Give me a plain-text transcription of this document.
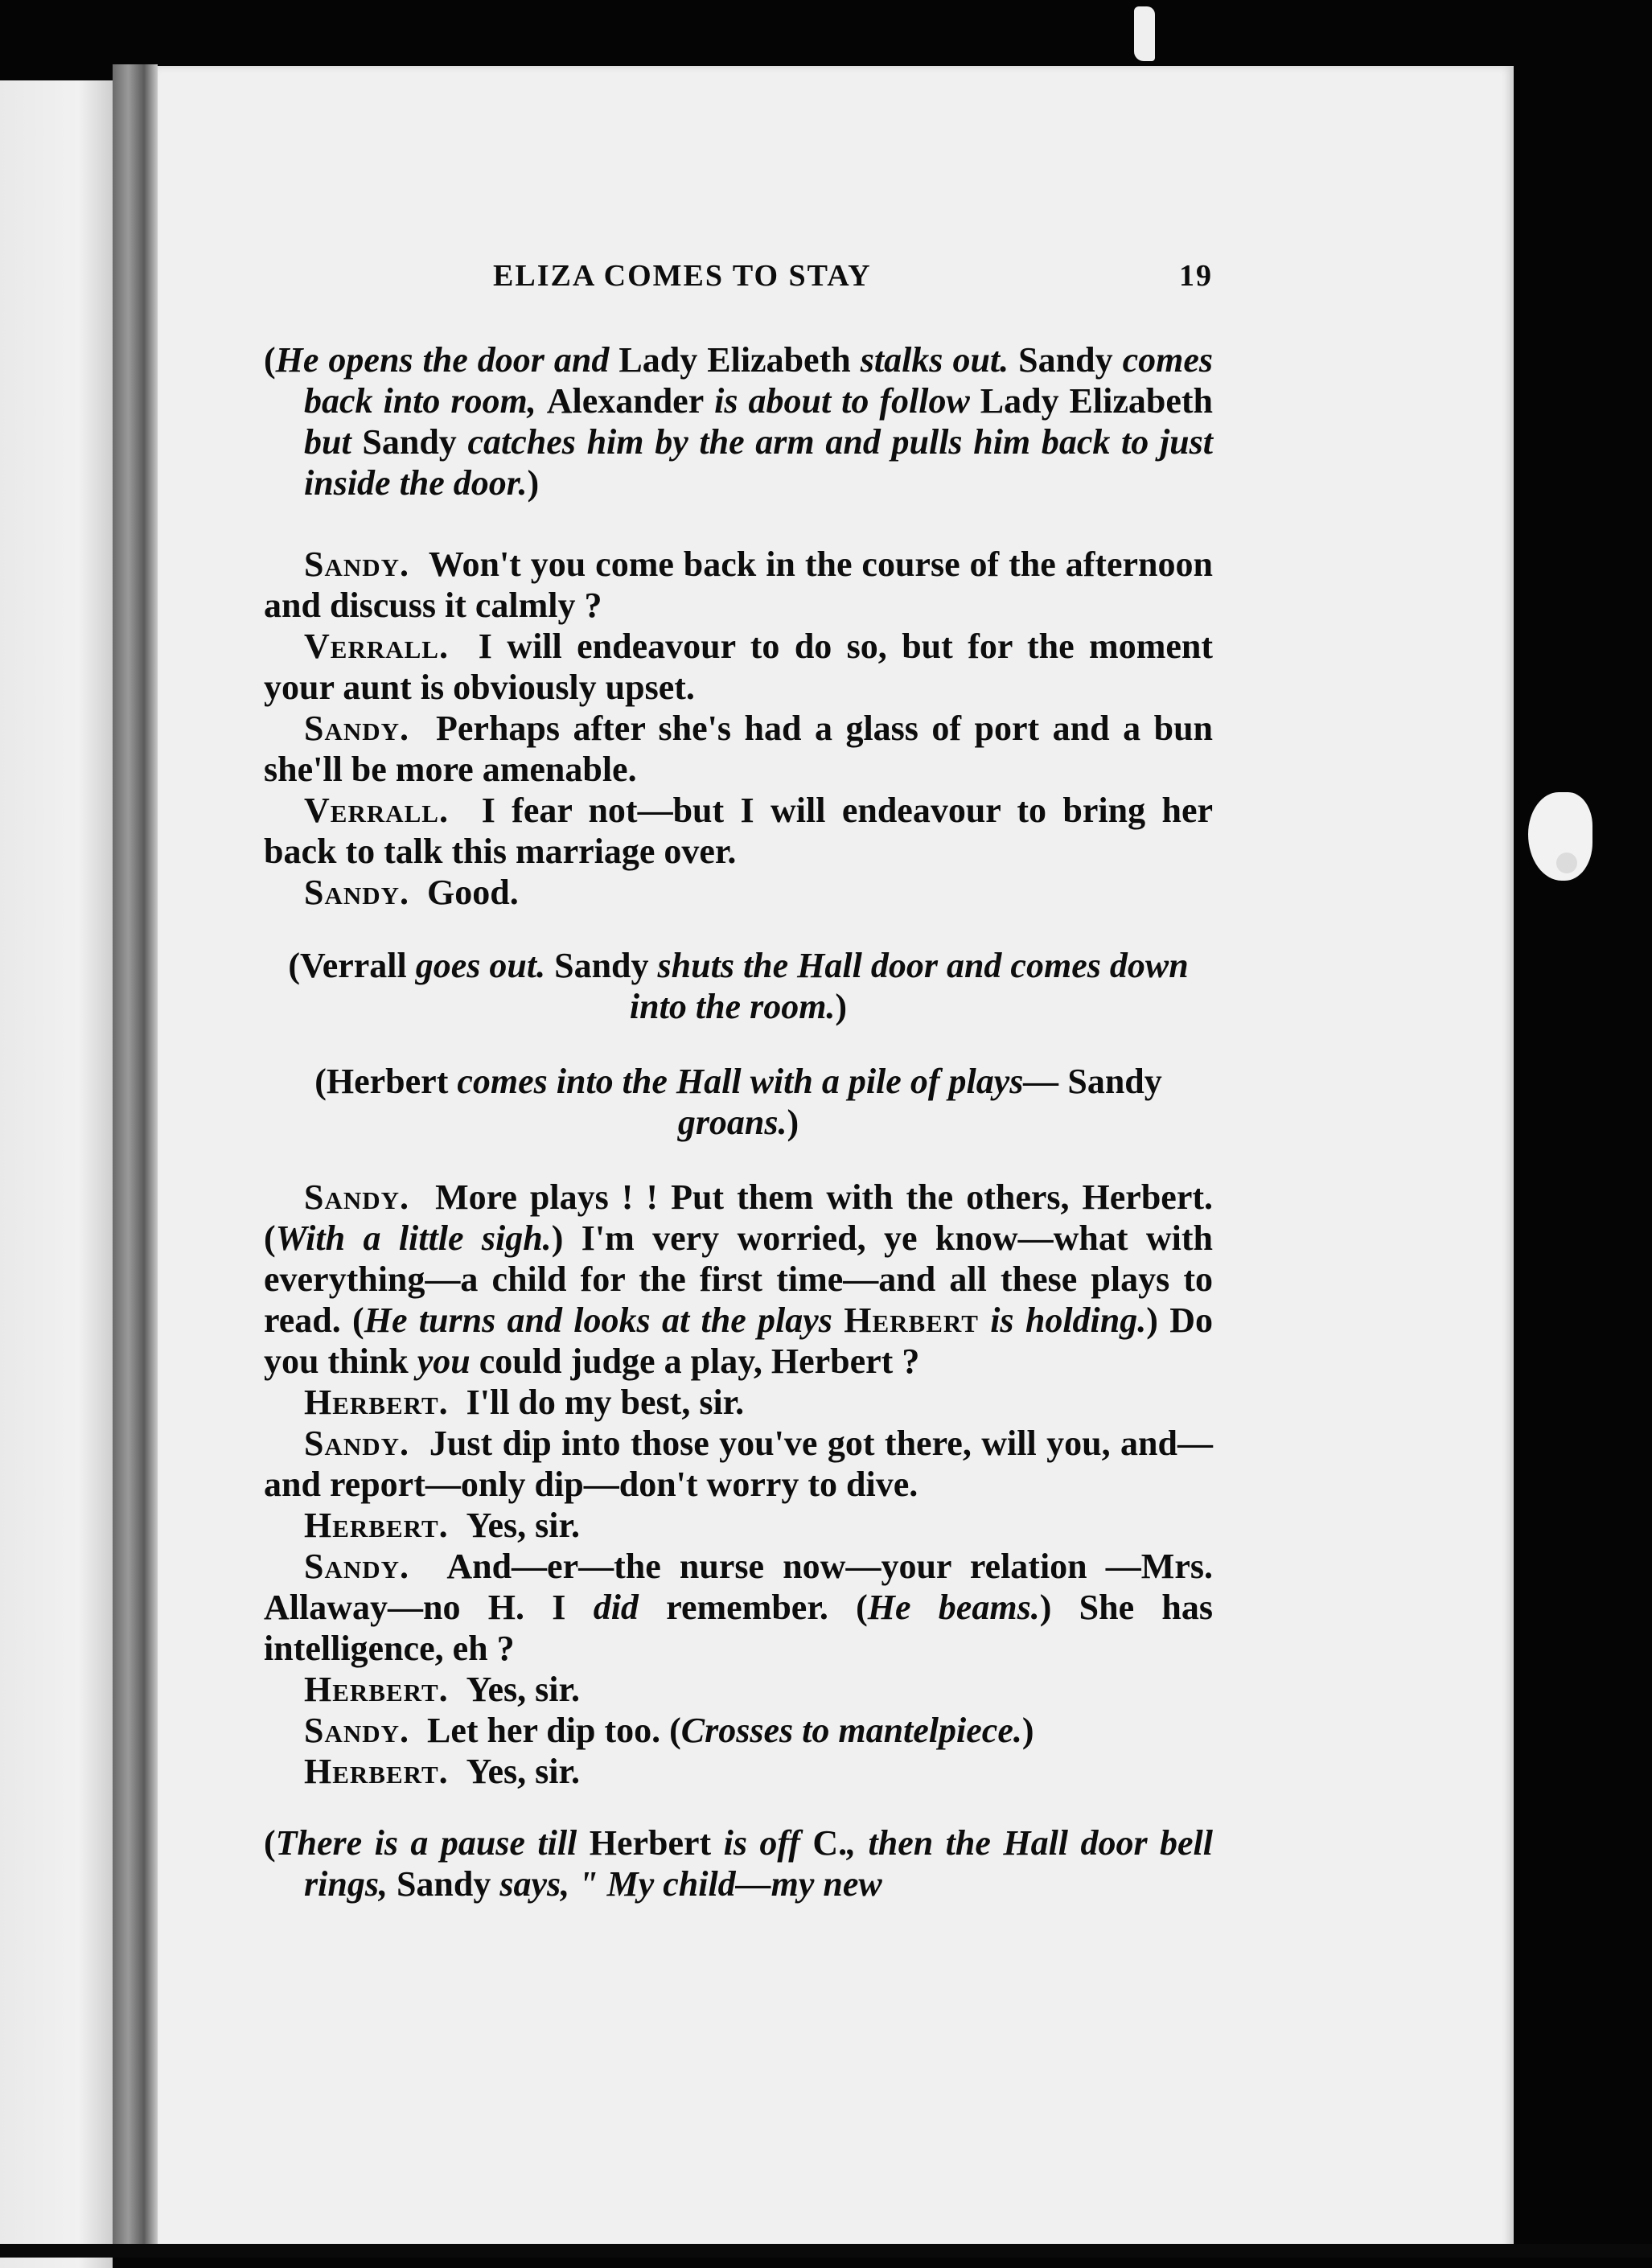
ELIZA COMES TO STAY	19

(He opens the door and Lady Elizabeth stalks out. Sandy comes back into room, Alexander is about to follow Lady Elizabeth but Sandy catches him by the arm and pulls him back to just inside the door.)

Sandy. Won't you come back in the course of the afternoon and discuss it calmly ?

Verrall. I will endeavour to do so, but for the moment your aunt is obviously upset.

Sandy. Perhaps after she's had a glass of port and a bun she'll be more amenable.

Verrall. I fear not—but I will endeavour to bring her back to talk this marriage over.

Sandy. Good.

(Verrall goes out. Sandy shuts the Hall door and comes down into the room.)

(Herbert comes into the Hall with a pile of plays— Sandy groans.)

Sandy. More plays ! ! Put them with the others, Herbert. (With a little sigh.) I'm very worried, ye know—what with everything—a child for the first time—and all these plays to read. (He turns and looks at the plays Herbert is holding.) Do you think you could judge a play, Herbert ?

Herbert. I'll do my best, sir.

Sandy. Just dip into those you've got there, will you, and—and report—only dip—don't worry to dive.

Herbert. Yes, sir.

Sandy. And—er—the nurse now—your relation —Mrs. Allaway—no H. I did remember. (He beams.) She has intelligence, eh ?

Herbert. Yes, sir.

Sandy. Let her dip too. (Crosses to mantelpiece.)

Herbert. Yes, sir.

(There is a pause till Herbert is off C., then the Hall door bell rings, Sandy says, " My child—my new
